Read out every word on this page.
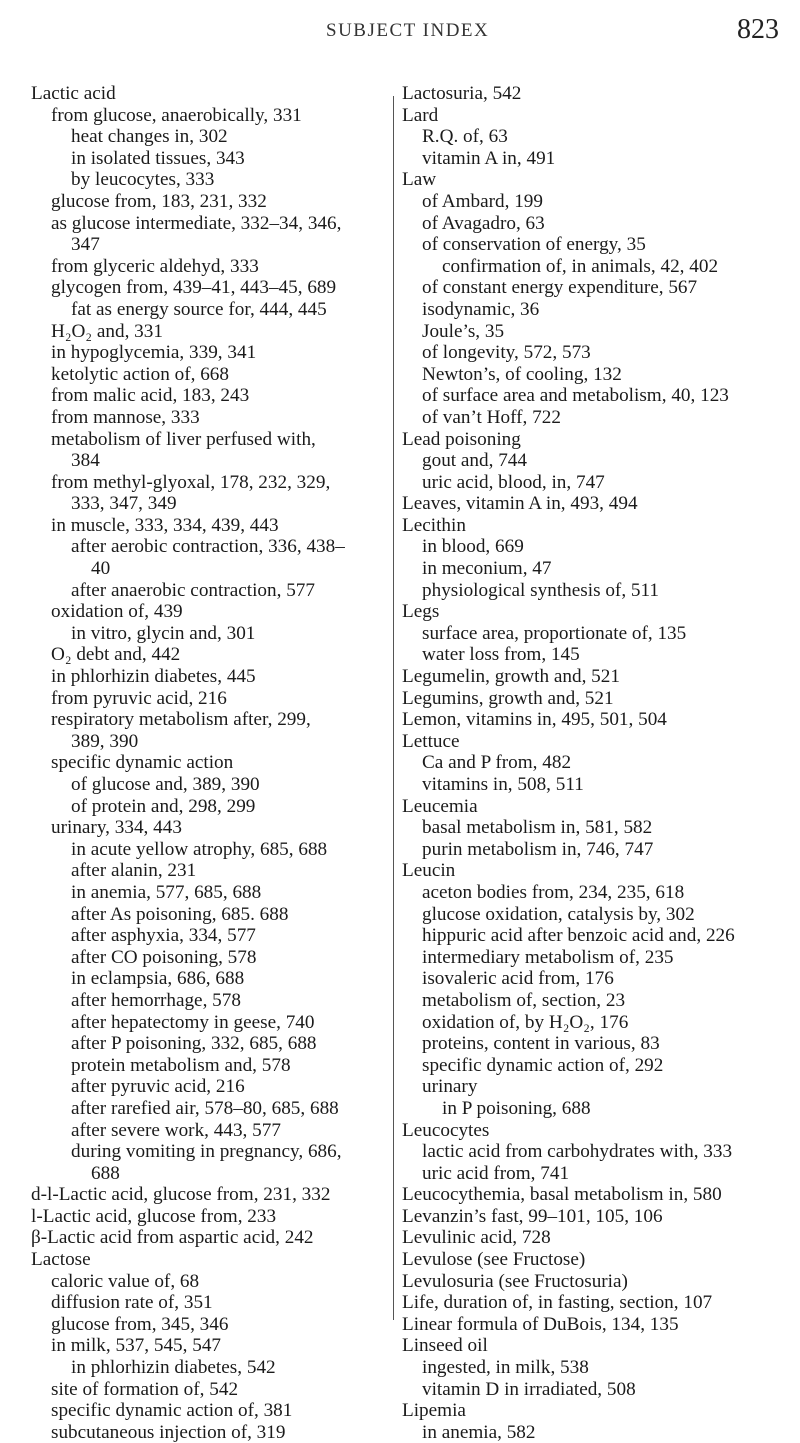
SUBJECT INDEX	823
Lactic acid
from glucose, anaerobically, 331
heat changes in, 302
in isolated tissues, 343
by leucocytes, 333
glucose from, 183, 231, 332
as glucose intermediate, 332–34, 346,
347
from glyceric aldehyd, 333
glycogen from, 439–41, 443–45, 689
fat as energy source for, 444, 445
H₂O₂ and, 331
in hypoglycemia, 339, 341
ketolytic action of, 668
from malic acid, 183, 243
from mannose, 333
metabolism of liver perfused with,
384
from methyl-glyoxal, 178, 232, 329,
333, 347, 349
in muscle, 333, 334, 439, 443
after aerobic contraction, 336, 438–
40
after anaerobic contraction, 577
oxidation of, 439
in vitro, glycin and, 301
O₂ debt and, 442
in phlorhizin diabetes, 445
from pyruvic acid, 216
respiratory metabolism after, 299,
389, 390
specific dynamic action
of glucose and, 389, 390
of protein and, 298, 299
urinary, 334, 443
in acute yellow atrophy, 685, 688
after alanin, 231
in anemia, 577, 685, 688
after As poisoning, 685. 688
after asphyxia, 334, 577
after CO poisoning, 578
in eclampsia, 686, 688
after hemorrhage, 578
after hepatectomy in geese, 740
after P poisoning, 332, 685, 688
protein metabolism and, 578
after pyruvic acid, 216
after rarefied air, 578–80, 685, 688
after severe work, 443, 577
during vomiting in pregnancy, 686,
688
d-l-Lactic acid, glucose from, 231, 332
l-Lactic acid, glucose from, 233
β-Lactic acid from aspartic acid, 242
Lactose
caloric value of, 68
diffusion rate of, 351
glucose from, 345, 346
in milk, 537, 545, 547
in phlorhizin diabetes, 542
site of formation of, 542
specific dynamic action of, 381
subcutaneous injection of, 319
Lactosuria, 542
Lard
R.Q. of, 63
vitamin A in, 491
Law
of Ambard, 199
of Avagadro, 63
of conservation of energy, 35
confirmation of, in animals, 42, 402
of constant energy expenditure, 567
isodynamic, 36
Joule’s, 35
of longevity, 572, 573
Newton’s, of cooling, 132
of surface area and metabolism, 40, 123
of van’t Hoff, 722
Lead poisoning
gout and, 744
uric acid, blood, in, 747
Leaves, vitamin A in, 493, 494
Lecithin
in blood, 669
in meconium, 47
physiological synthesis of, 511
Legs
surface area, proportionate of, 135
water loss from, 145
Legumelin, growth and, 521
Legumins, growth and, 521
Lemon, vitamins in, 495, 501, 504
Lettuce
Ca and P from, 482
vitamins in, 508, 511
Leucemia
basal metabolism in, 581, 582
purin metabolism in, 746, 747
Leucin
aceton bodies from, 234, 235, 618
glucose oxidation, catalysis by, 302
hippuric acid after benzoic acid and, 226
intermediary metabolism of, 235
isovaleric acid from, 176
metabolism of, section, 23
oxidation of, by H₂O₂, 176
proteins, content in various, 83
specific dynamic action of, 292
urinary
in P poisoning, 688
Leucocytes
lactic acid from carbohydrates with, 333
uric acid from, 741
Leucocythemia, basal metabolism in, 580
Levanzin’s fast, 99–101, 105, 106
Levulinic acid, 728
Levulose (see Fructose)
Levulosuria (see Fructosuria)
Life, duration of, in fasting, section, 107
Linear formula of DuBois, 134, 135
Linseed oil
ingested, in milk, 538
vitamin D in irradiated, 508
Lipemia
in anemia, 582
